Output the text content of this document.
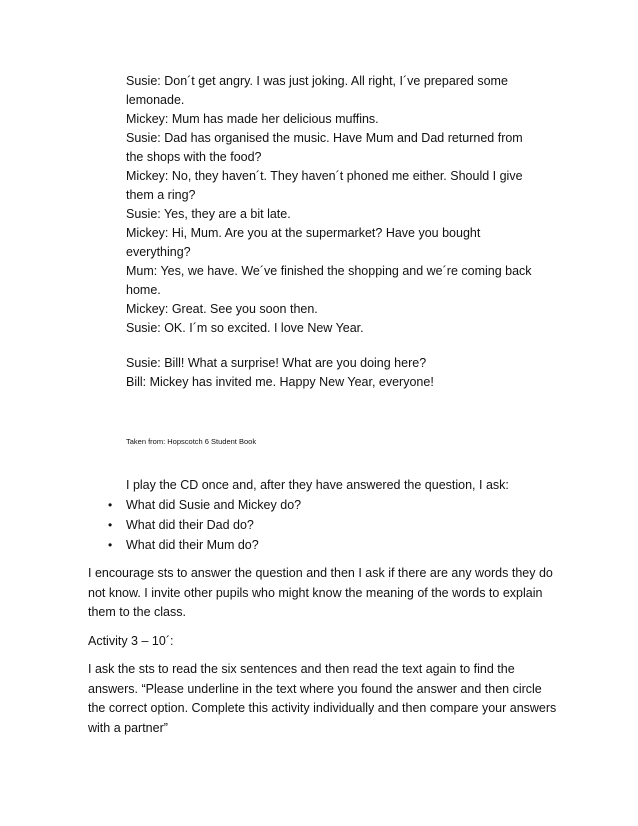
Susie: Don´t get angry. I was just joking. All right, I´ve prepared some

lemonade.

Mickey: Mum has made her delicious muffins.

Susie: Dad has organised the music. Have Mum and Dad returned from

the shops with the food?

Mickey: No, they haven´t. They haven´t phoned me either. Should I give

them a ring?

Susie: Yes, they are a bit late.

Mickey: Hi, Mum. Are you at the supermarket? Have you bought

everything?

Mum: Yes, we have. We´ve finished the shopping and we´re coming back

home.

Mickey: Great. See you soon then.

Susie: OK. I´m so excited. I love New Year.

Susie: Bill! What a surprise! What are you doing here?

Bill: Mickey has invited me. Happy New Year, everyone!

Taken from: Hopscotch 6 Student Book
I play the CD once and, after they have answered the question, I ask:
• What did Susie and Mickey do?
• What did their Dad do?
• What did their Mum do?

I encourage sts to answer the question and then I ask if there are any words they do not know. I invite other pupils who might know the meaning of the words to explain them to the class.

Activity 3 – 10´:

I ask the sts to read the six sentences and then read the text again to find the answers. “Please underline in the text where you found the answer and then circle the correct option. Complete this activity individually and then compare your answers with a partner”
